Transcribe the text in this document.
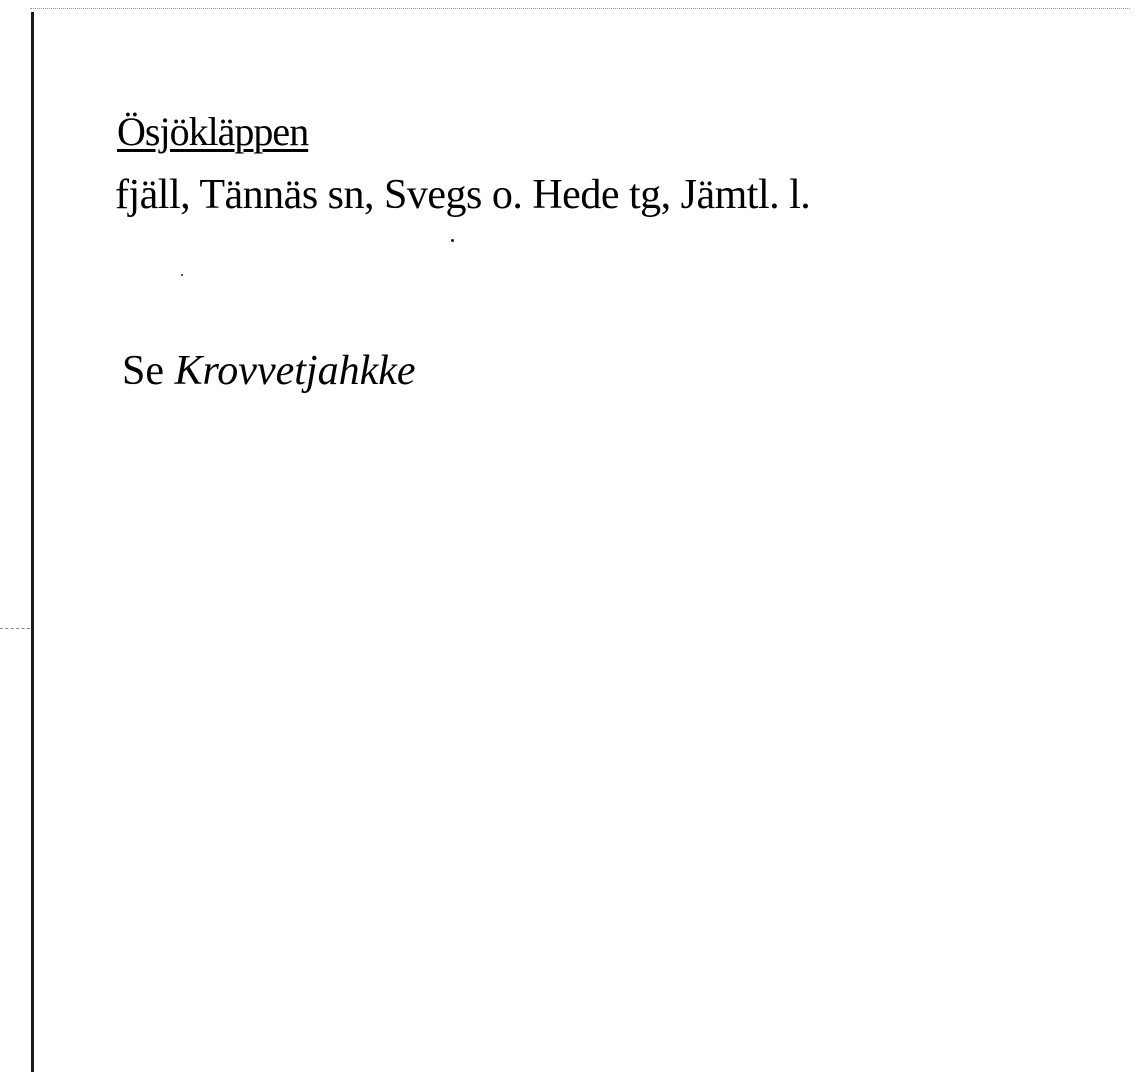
Ösjökläppen
fjäll, Tännäs sn, Svegs o. Hede tg, Jämtl. l.
Se Krovvetjahkke
